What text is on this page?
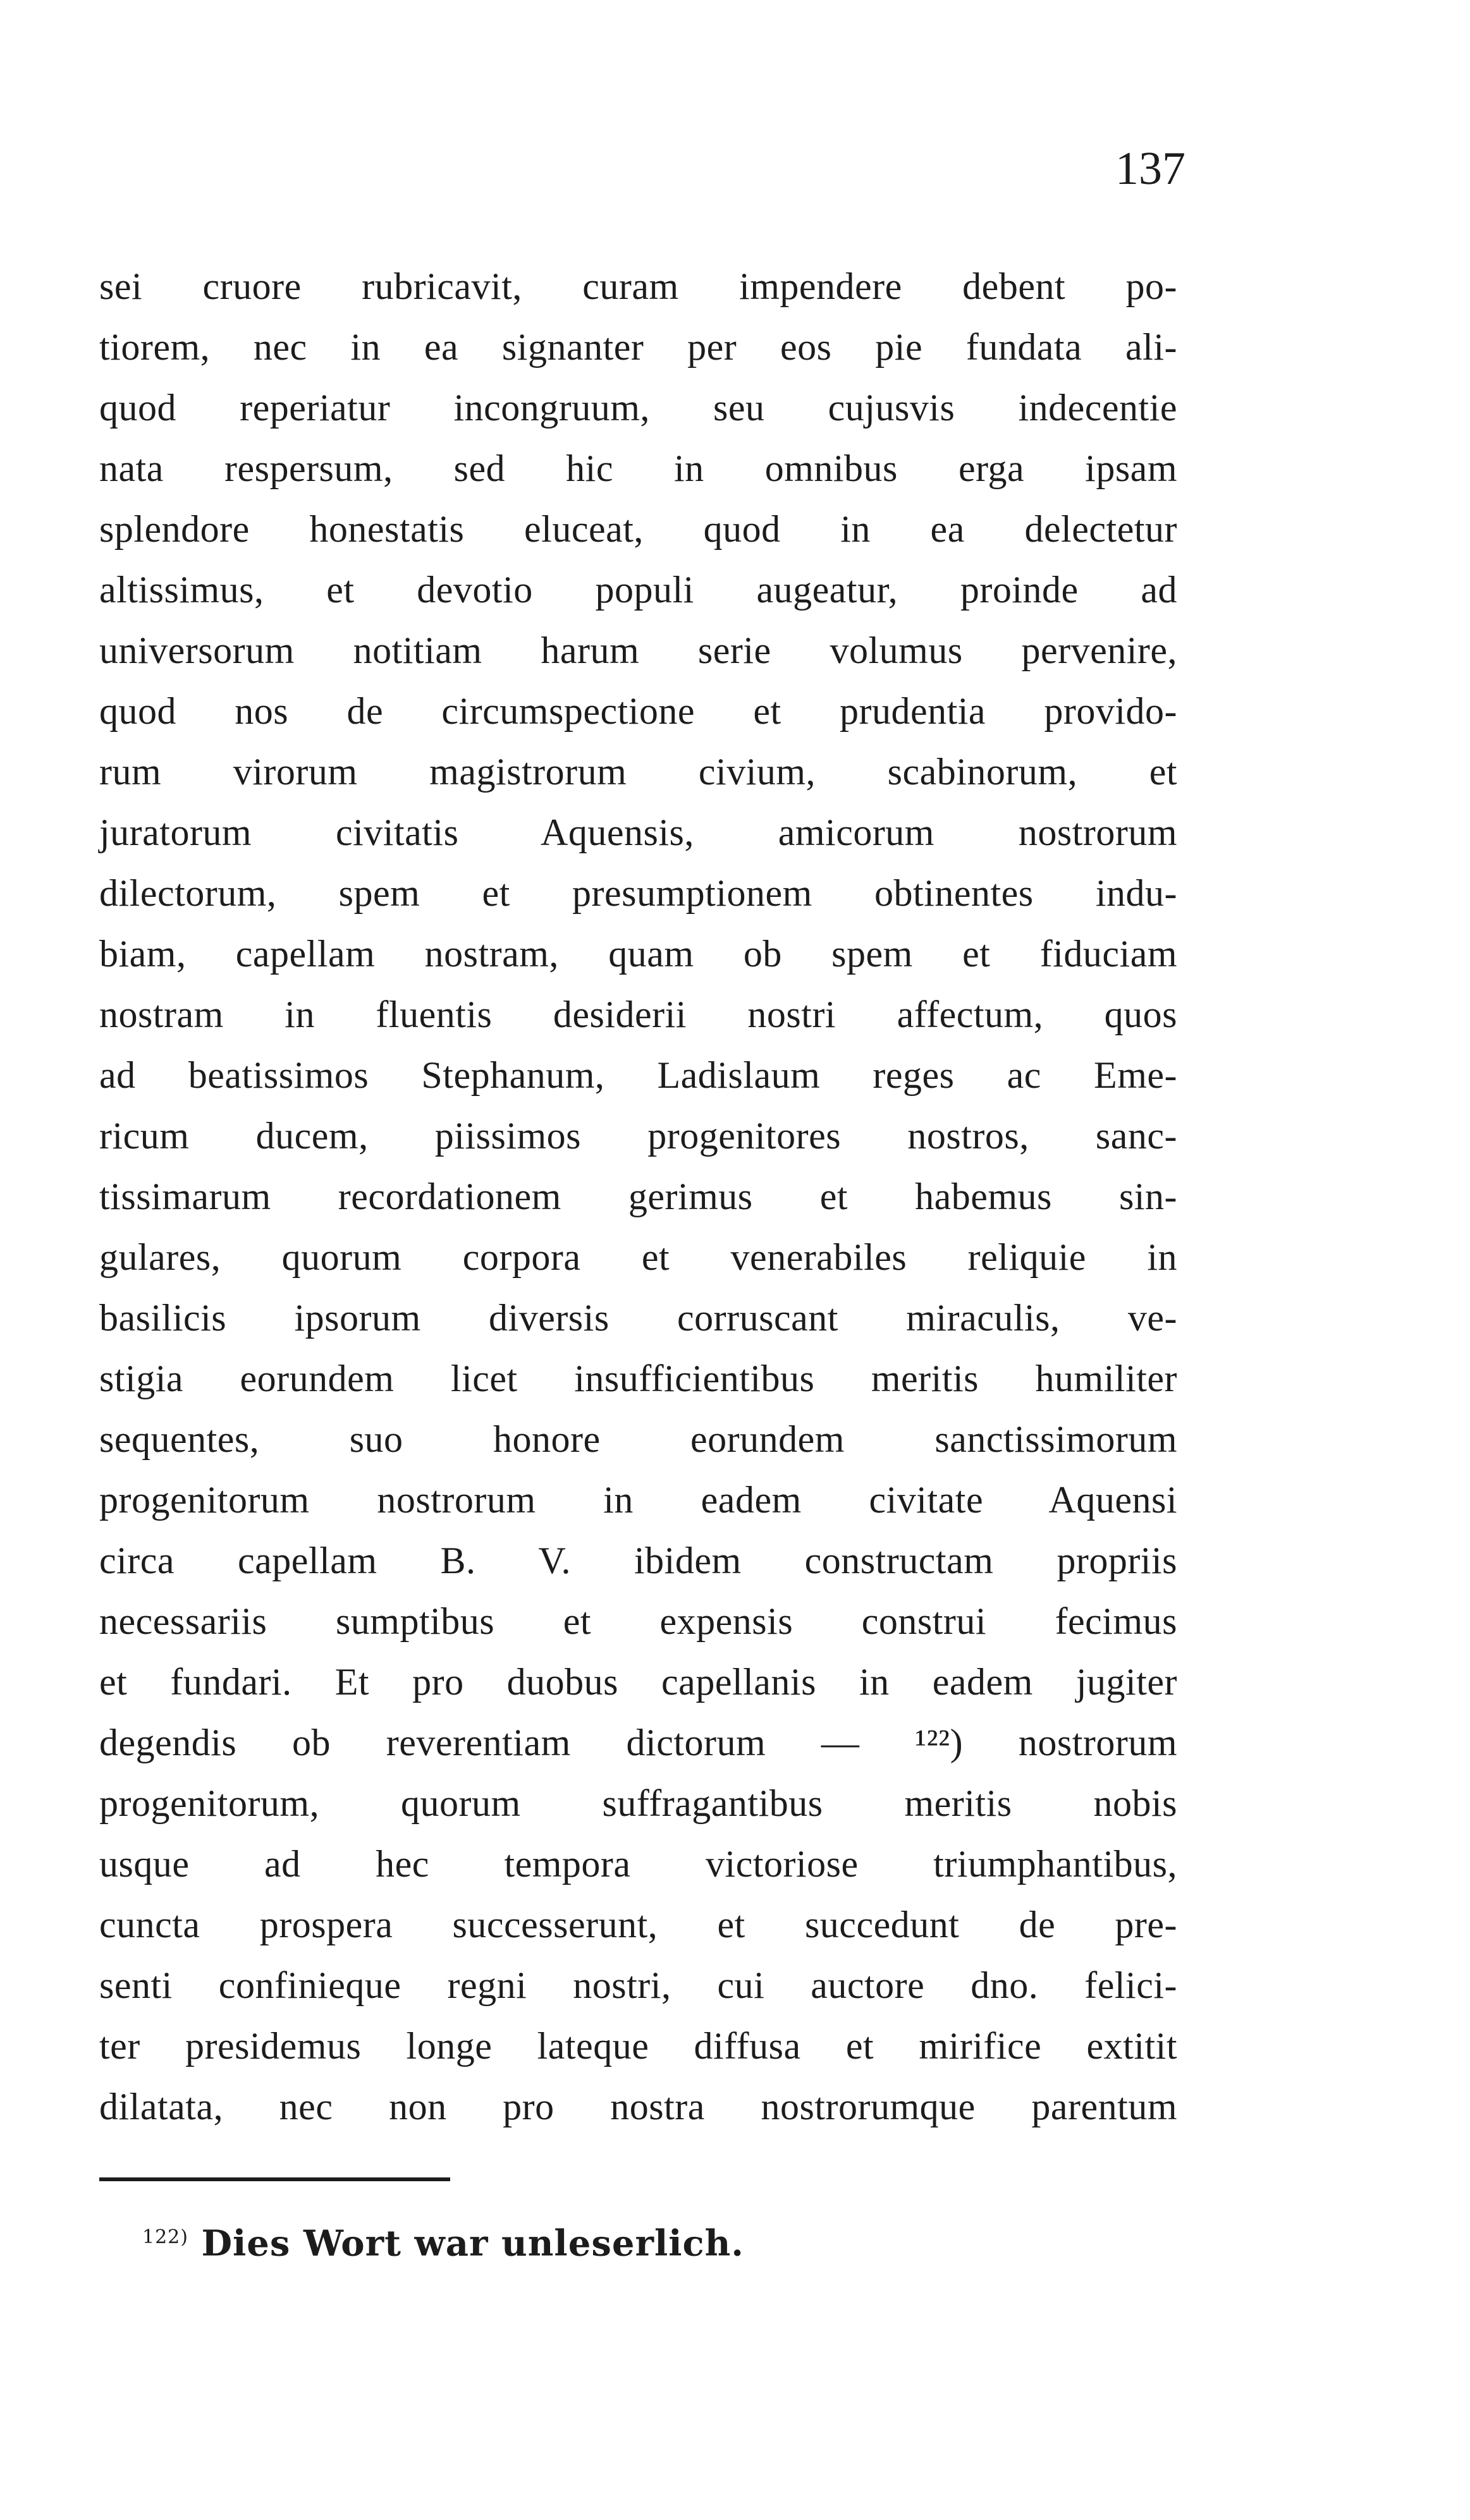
137
sei cruore rubricavit, curam impendere debent po-
tiorem, nec in ea signanter per eos pie fundata ali-
quod reperiatur incongruum, seu cujusvis indecentie
nata respersum, sed hic in omnibus erga ipsam
splendore honestatis eluceat, quod in ea delectetur
altissimus, et devotio populi augeatur, proinde ad
universorum notitiam harum serie volumus pervenire,
quod nos de circumspectione et prudentia provido-
rum virorum magistrorum civium, scabinorum, et
juratorum civitatis Aquensis, amicorum nostrorum
dilectorum, spem et presumptionem obtinentes indu-
biam, capellam nostram, quam ob spem et fiduciam
nostram in fluentis desiderii nostri affectum, quos
ad beatissimos Stephanum, Ladislaum reges ac Eme-
ricum ducem, piissimos progenitores nostros, sanc-
tissimarum recordationem gerimus et habemus sin-
gulares, quorum corpora et venerabiles reliquie in
basilicis ipsorum diversis corruscant miraculis, ve-
stigia eorundem licet insufficientibus meritis humiliter
sequentes, suo honore eorundem sanctissimorum
progenitorum nostrorum in eadem civitate Aquensi
circa capellam B. V. ibidem constructam propriis
necessariis sumptibus et expensis construi fecimus
et fundari. Et pro duobus capellanis in eadem jugiter
degendis ob reverentiam dictorum — ¹²²) nostrorum
progenitorum, quorum suffragantibus meritis nobis
usque ad hec tempora victoriose triumphantibus,
cuncta prospera successerunt, et succedunt de pre-
senti confinieque regni nostri, cui auctore dno. felici-
ter presidemus longe lateque diffusa et mirifice extitit
dilatata, nec non pro nostra nostrorumque parentum
$^{122)}$ Dies Wort war unleserlich.
